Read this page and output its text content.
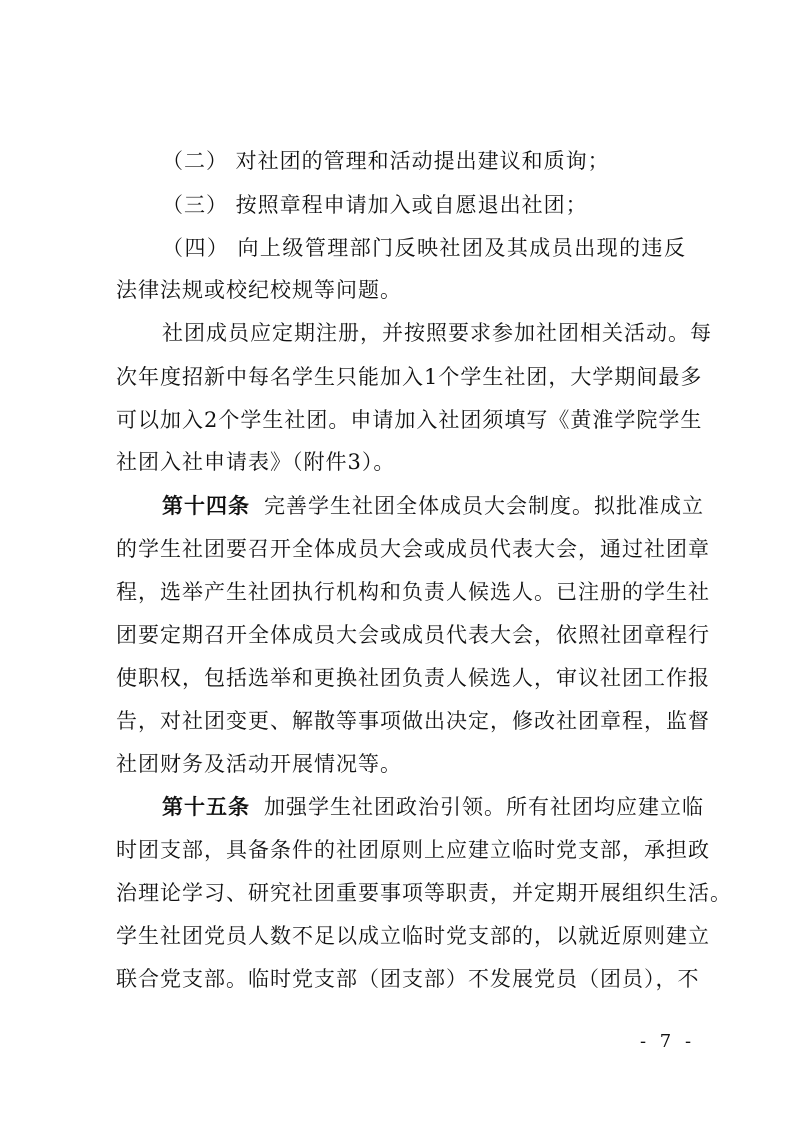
（二） 对社团的管理和活动提出建议和质询；
（三） 按照章程申请加入或自愿退出社团；
（四） 向上级管理部门反映社团及其成员出现的违反
法律法规或校纪校规等问题。
社团成员应定期注册，并按照要求参加社团相关活动。每
次年度招新中每名学生只能加入1个学生社团，大学期间最多
可以加入2个学生社团。申请加入社团须填写《黄淮学院学生
社团入社申请表》（附件3）。
第十四条 完善学生社团全体成员大会制度。拟批准成立
的学生社团要召开全体成员大会或成员代表大会，通过社团章
程，选举产生社团执行机构和负责人候选人。已注册的学生社
团要定期召开全体成员大会或成员代表大会，依照社团章程行
使职权，包括选举和更换社团负责人候选人，审议社团工作报
告，对社团变更、解散等事项做出决定，修改社团章程，监督
社团财务及活动开展情况等。
第十五条 加强学生社团政治引领。所有社团均应建立临
时团支部，具备条件的社团原则上应建立临时党支部，承担政
治理论学习、研究社团重要事项等职责，并定期开展组织生活。
学生社团党员人数不足以成立临时党支部的，以就近原则建立
联合党支部。临时党支部（团支部）不发展党员（团员），不
- 7 -
